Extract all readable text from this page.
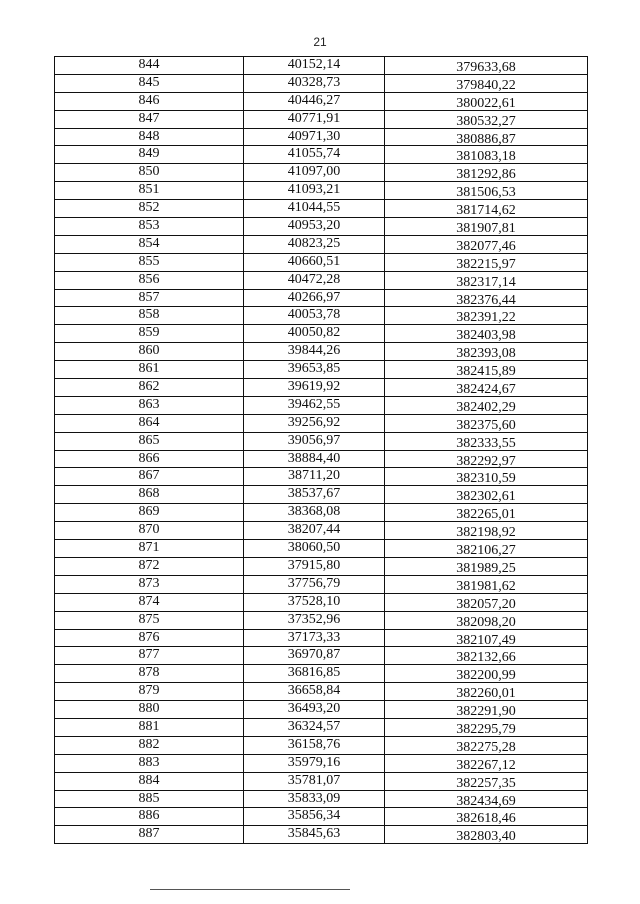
21
844	40152,14	379633,68
845	40328,73	379840,22
846	40446,27	380022,61
847	40771,91	380532,27
848	40971,30	380886,87
849	41055,74	381083,18
850	41097,00	381292,86
851	41093,21	381506,53
852	41044,55	381714,62
853	40953,20	381907,81
854	40823,25	382077,46
855	40660,51	382215,97
856	40472,28	382317,14
857	40266,97	382376,44
858	40053,78	382391,22
859	40050,82	382403,98
860	39844,26	382393,08
861	39653,85	382415,89
862	39619,92	382424,67
863	39462,55	382402,29
864	39256,92	382375,60
865	39056,97	382333,55
866	38884,40	382292,97
867	38711,20	382310,59
868	38537,67	382302,61
869	38368,08	382265,01
870	38207,44	382198,92
871	38060,50	382106,27
872	37915,80	381989,25
873	37756,79	381981,62
874	37528,10	382057,20
875	37352,96	382098,20
876	37173,33	382107,49
877	36970,87	382132,66
878	36816,85	382200,99
879	36658,84	382260,01
880	36493,20	382291,90
881	36324,57	382295,79
882	36158,76	382275,28
883	35979,16	382267,12
884	35781,07	382257,35
885	35833,09	382434,69
886	35856,34	382618,46
887	35845,63	382803,40
